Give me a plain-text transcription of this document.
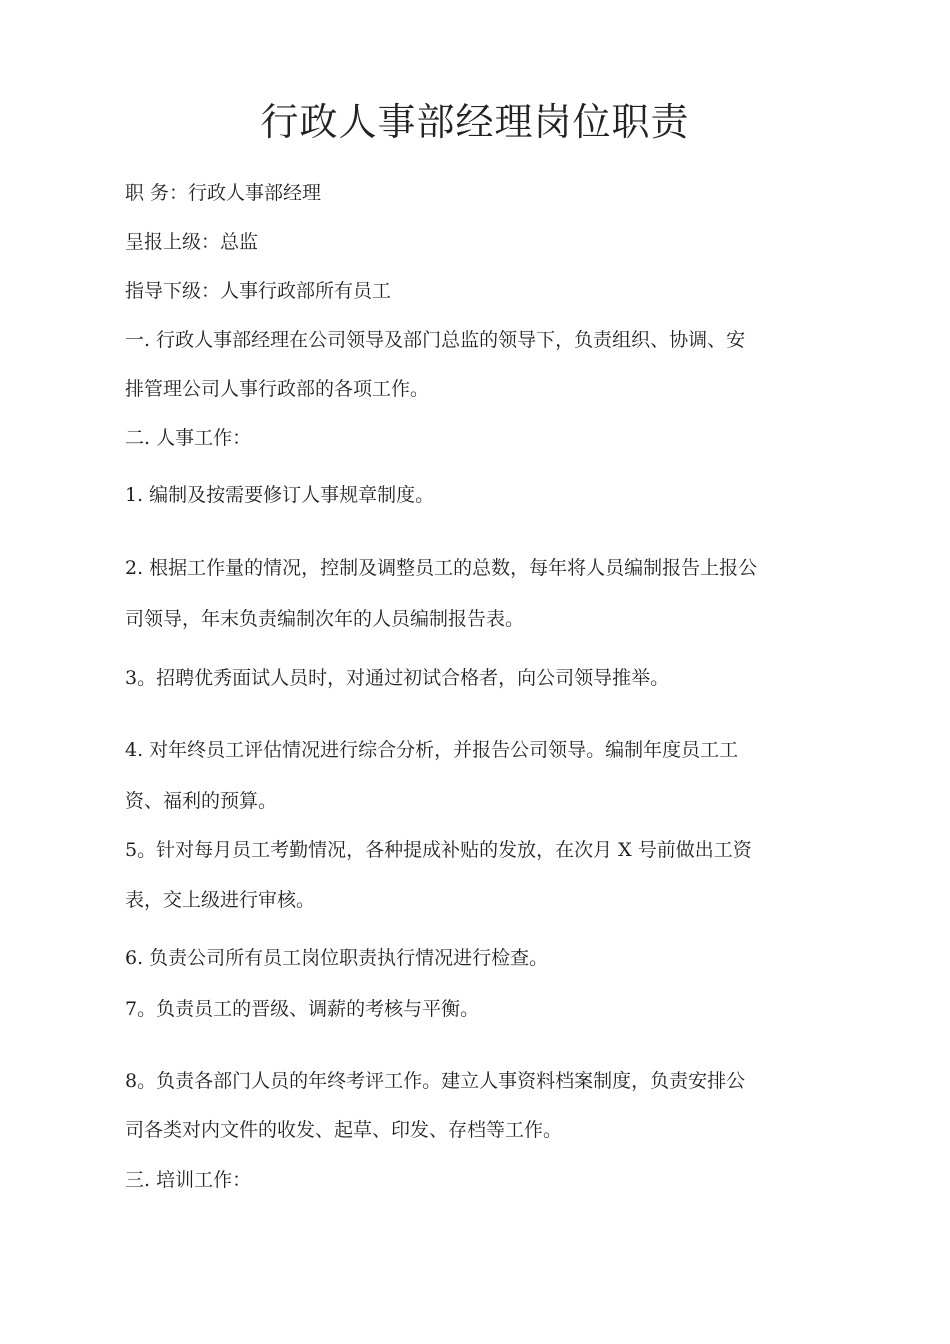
行政人事部经理岗位职责
职 务：行政人事部经理
呈报上级：总监
指导下级：人事行政部所有员工
一. 行政人事部经理在公司领导及部门总监的领导下，负责组织、协调、安
排管理公司人事行政部的各项工作。
二. 人事工作：
1. 编制及按需要修订人事规章制度。
2. 根据工作量的情况，控制及调整员工的总数，每年将人员编制报告上报公
司领导，年末负责编制次年的人员编制报告表。
3。招聘优秀面试人员时，对通过初试合格者，向公司领导推举。
4. 对年终员工评估情况进行综合分析，并报告公司领导。编制年度员工工
资、福利的预算。
5。针对每月员工考勤情况，各种提成补贴的发放，在次月 X 号前做出工资
表，交上级进行审核。
6. 负责公司所有员工岗位职责执行情况进行检查。
7。负责员工的晋级、调薪的考核与平衡。
8。负责各部门人员的年终考评工作。建立人事资料档案制度，负责安排公
司各类对内文件的收发、起草、印发、存档等工作。
三. 培训工作：
